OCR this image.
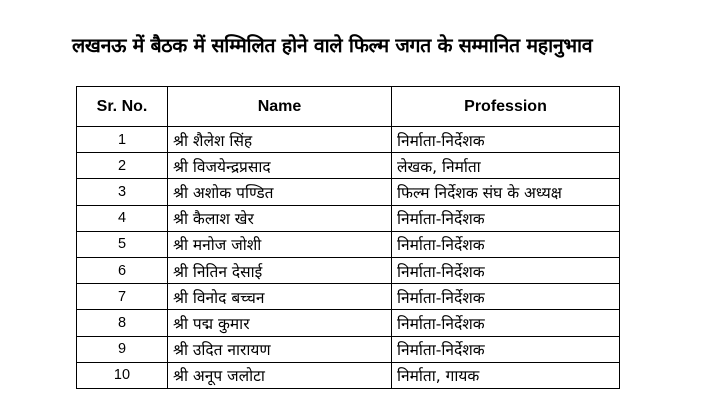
लखनऊ में बैठक में सम्मिलित होने वाले फिल्म जगत के सम्मानित महानुभाव
Sr. No.	Name	Profession
1	श्री शैलेश सिंह	निर्माता-निर्देशक
2	श्री विजयेन्द्रप्रसाद	लेखक, निर्माता
3	श्री अशोक पण्डित	फिल्म निर्देशक संघ के अध्यक्ष
4	श्री कैलाश खेर	निर्माता-निर्देशक
5	श्री मनोज जोशी	निर्माता-निर्देशक
6	श्री नितिन देसाई	निर्माता-निर्देशक
7	श्री विनोद बच्चन	निर्माता-निर्देशक
8	श्री पद्म कुमार	निर्माता-निर्देशक
9	श्री उदित नारायण	निर्माता-निर्देशक
10	श्री अनूप जलोटा	निर्माता, गायक
